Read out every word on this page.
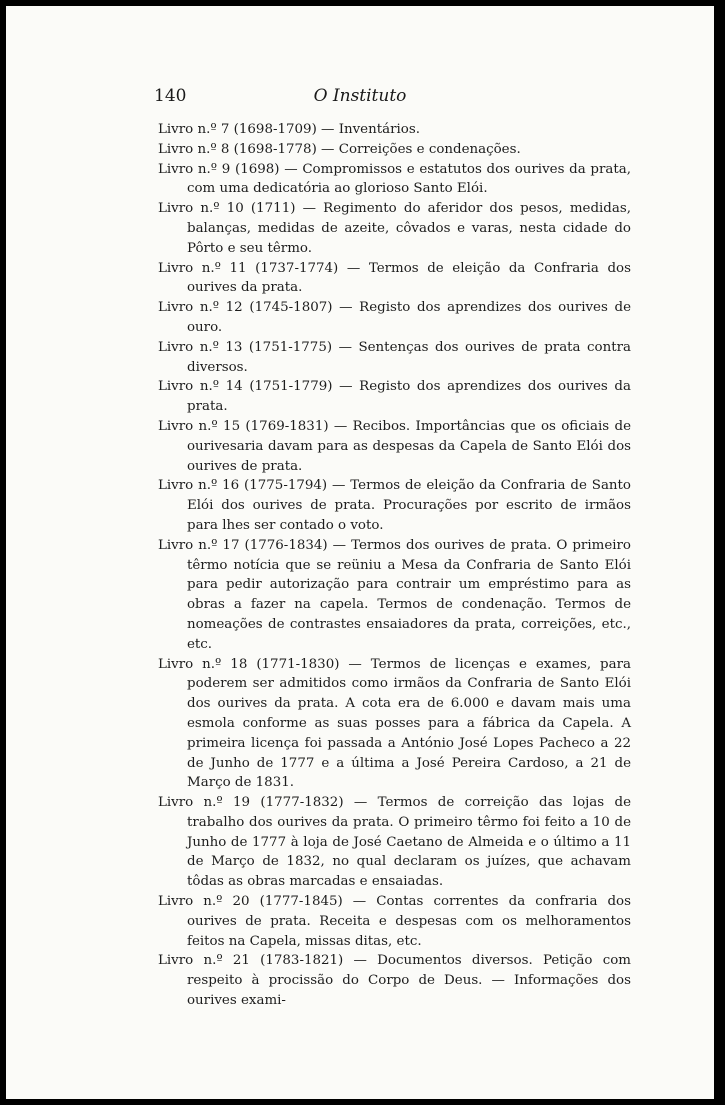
140	O Instituto

Livro n.º 7 (1698-1709) — Inventários.

Livro n.º 8 (1698-1778) — Correições e condenações.

Livro n.º 9 (1698) — Compromissos e estatutos dos ourives da prata, com uma dedicatória ao glorioso Santo Elói.

Livro n.º 10 (1711) — Regimento do aferidor dos pesos, medidas, balanças, medidas de azeite, côvados e varas, nesta cidade do Pôrto e seu têrmo.

Livro n.º 11 (1737-1774) — Termos de eleição da Confraria dos ourives da prata.

Livro n.º 12 (1745-1807) — Registo dos aprendizes dos ourives de ouro.

Livro n.º 13 (1751-1775) — Sentenças dos ourives de prata contra diversos.

Livro n.º 14 (1751-1779) — Registo dos aprendizes dos ourives da prata.

Livro n.º 15 (1769-1831) — Recibos. Importâncias que os oficiais de ourivesaria davam para as despesas da Capela de Santo Elói dos ourives de prata.

Livro n.º 16 (1775-1794) — Termos de eleição da Confraria de Santo Elói dos ourives de prata. Procurações por escrito de irmãos para lhes ser contado o voto.

Livro n.º 17 (1776-1834) — Termos dos ourives de prata. O primeiro têrmo notícia que se reüniu a Mesa da Confraria de Santo Elói para pedir autorização para contrair um empréstimo para as obras a fazer na capela. Termos de condenação. Termos de nomeações de contrastes ensaiadores da prata, correições, etc., etc.

Livro n.º 18 (1771-1830) — Termos de licenças e exames, para poderem ser admitidos como irmãos da Confraria de Santo Elói dos ourives da prata. A cota era de 6.000 e davam mais uma esmola conforme as suas posses para a fábrica da Capela. A primeira licença foi passada a António José Lopes Pacheco a 22 de Junho de 1777 e a última a José Pereira Cardoso, a 21 de Março de 1831.

Livro n.º 19 (1777-1832) — Termos de correição das lojas de trabalho dos ourives da prata. O primeiro têrmo foi feito a 10 de Junho de 1777 à loja de José Caetano de Almeida e o último a 11 de Março de 1832, no qual declaram os juízes, que achavam tôdas as obras marcadas e ensaiadas.

Livro n.º 20 (1777-1845) — Contas correntes da confraria dos ourives de prata. Receita e despesas com os melhoramentos feitos na Capela, missas ditas, etc.

Livro n.º 21 (1783-1821) — Documentos diversos. Petição com respeito à procissão do Corpo de Deus. — Informações dos ourives exami-
